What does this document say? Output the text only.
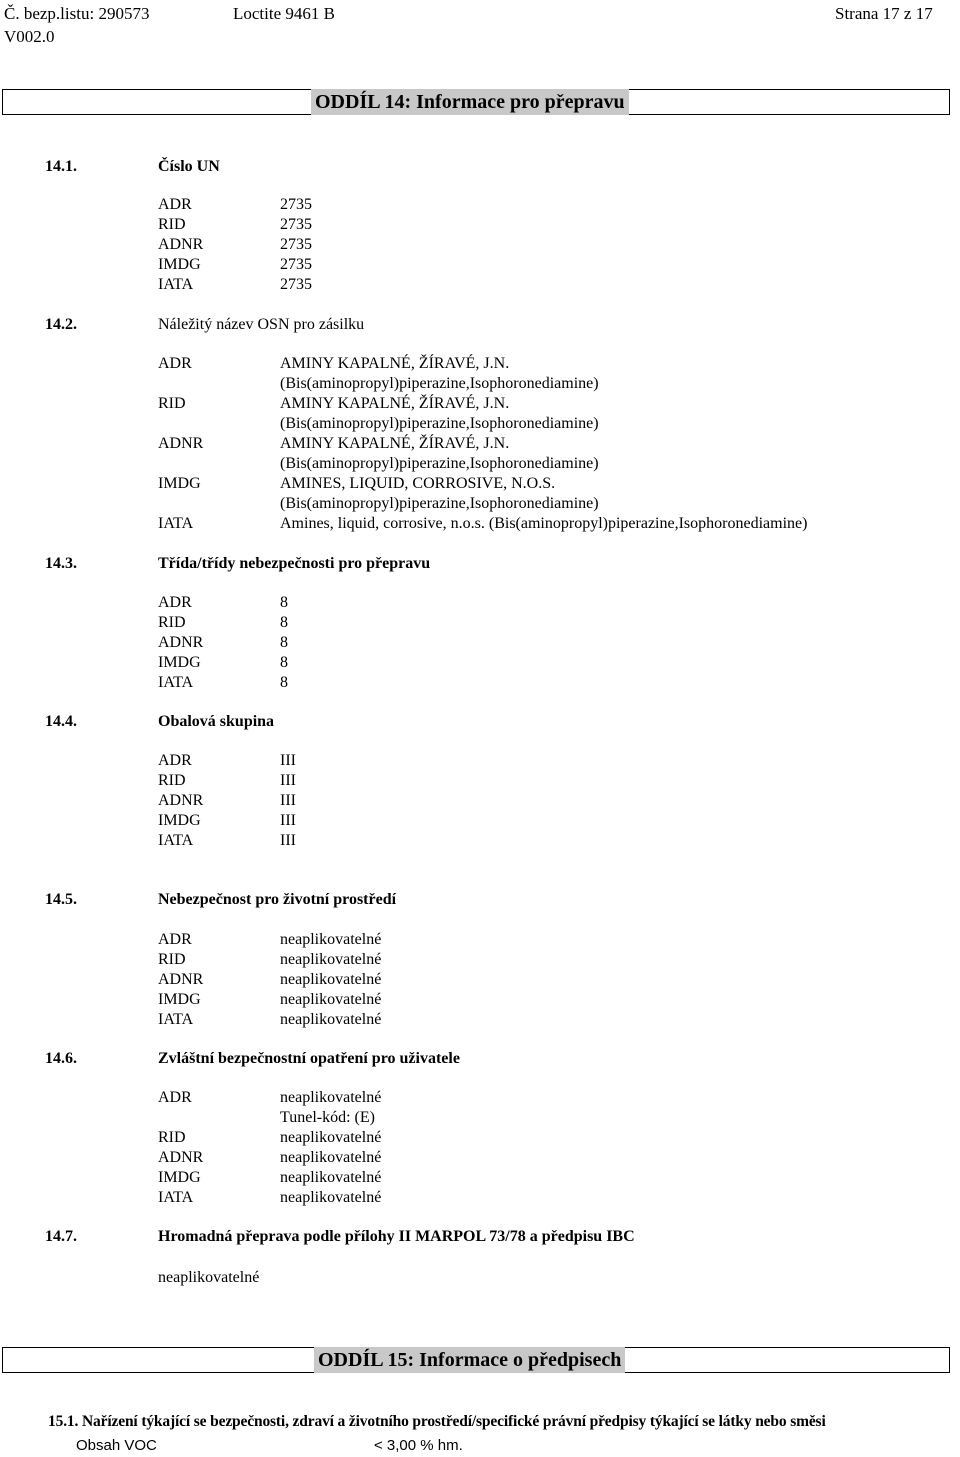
Č. bezp.listu: 290573	Loctite 9461 B	Strana 17 z 17
V002.0
ODDÍL 14: Informace pro přepravu
14.1.	Číslo UN
ADR	2735
RID	2735
ADNR	2735
IMDG	2735
IATA	2735
14.2.	Náležitý název OSN pro zásilku
ADR	AMINY KAPALNÉ, ŽÍRAVÉ, J.N.
(Bis(aminopropyl)piperazine,Isophoronediamine)
RID	AMINY KAPALNÉ, ŽÍRAVÉ, J.N.
(Bis(aminopropyl)piperazine,Isophoronediamine)
ADNR	AMINY KAPALNÉ, ŽÍRAVÉ, J.N.
(Bis(aminopropyl)piperazine,Isophoronediamine)
IMDG	AMINES, LIQUID, CORROSIVE, N.O.S.
(Bis(aminopropyl)piperazine,Isophoronediamine)
IATA	Amines, liquid, corrosive, n.o.s. (Bis(aminopropyl)piperazine,Isophoronediamine)
14.3.	Třída/třídy nebezpečnosti pro přepravu
ADR	8
RID	8
ADNR	8
IMDG	8
IATA	8
14.4.	Obalová skupina
ADR	III
RID	III
ADNR	III
IMDG	III
IATA	III
14.5.	Nebezpečnost pro životní prostředí
ADR	neaplikovatelné
RID	neaplikovatelné
ADNR	neaplikovatelné
IMDG	neaplikovatelné
IATA	neaplikovatelné
14.6.	Zvláštní bezpečnostní opatření pro uživatele
ADR	neaplikovatelné
Tunel-kód: (E)
RID	neaplikovatelné
ADNR	neaplikovatelné
IMDG	neaplikovatelné
IATA	neaplikovatelné
14.7.	Hromadná přeprava podle přílohy II MARPOL 73/78 a předpisu IBC
neaplikovatelné
ODDÍL 15: Informace o předpisech
15.1. Nařízení týkající se bezpečnosti, zdraví a životního prostředí/specifické právní předpisy týkající se látky nebo směsi
Obsah VOC	< 3,00 % hm.
